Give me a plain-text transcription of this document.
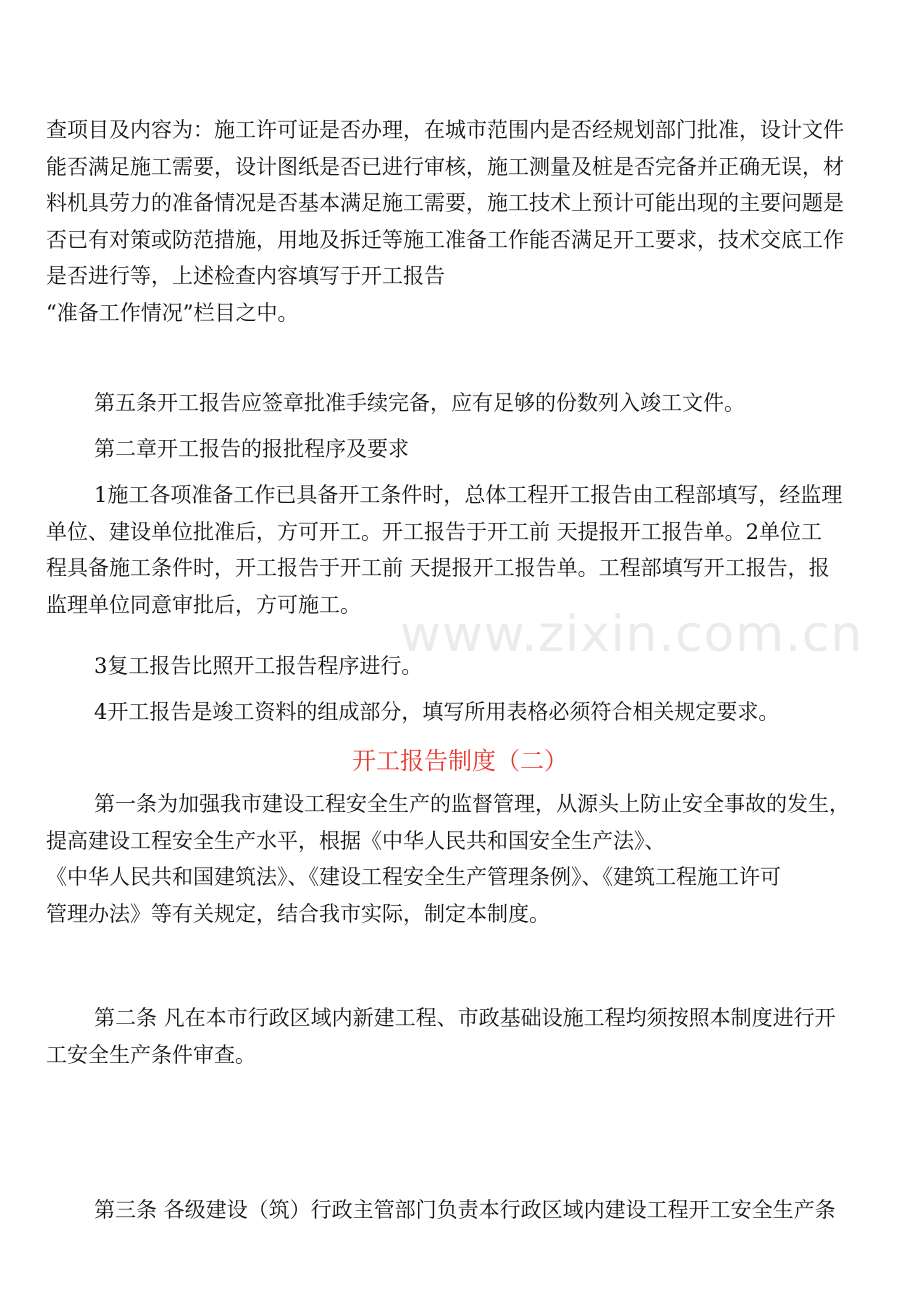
查项目及内容为：施工许可证是否办理，在城市范围内是否经规划部门批准，设计文件
能否满足施工需要，设计图纸是否已进行审核，施工测量及桩是否完备并正确无误，材
料机具劳力的准备情况是否基本满足施工需要，施工技术上预计可能出现的主要问题是
否已有对策或防范措施，用地及拆迁等施工准备工作能否满足开工要求，技术交底工作
是否进行等，上述检查内容填写于开工报告
“准备工作情况”栏目之中。
第五条开工报告应签章批准手续完备，应有足够的份数列入竣工文件。
第二章开工报告的报批程序及要求
1施工各项准备工作已具备开工条件时，总体工程开工报告由工程部填写，经监理
单位、建设单位批准后，方可开工。开工报告于开工前 天提报开工报告单。2单位工
程具备施工条件时，开工报告于开工前 天提报开工报告单。工程部填写开工报告，报
监理单位同意审批后，方可施工。
3复工报告比照开工报告程序进行。
4开工报告是竣工资料的组成部分，填写所用表格必须符合相关规定要求。
开工报告制度（二）
第一条为加强我市建设工程安全生产的监督管理，从源头上防止安全事故的发生，
提高建设工程安全生产水平，根据《中华人民共和国安全生产法》、
《中华人民共和国建筑法》、《建设工程安全生产管理条例》、《建筑工程施工许可
管理办法》等有关规定，结合我市实际，制定本制度。
第二条 凡在本市行政区域内新建工程、市政基础设施工程均须按照本制度进行开
工安全生产条件审查。
第三条 各级建设（筑）行政主管部门负责本行政区域内建设工程开工安全生产条
www.zixin.com.cn
